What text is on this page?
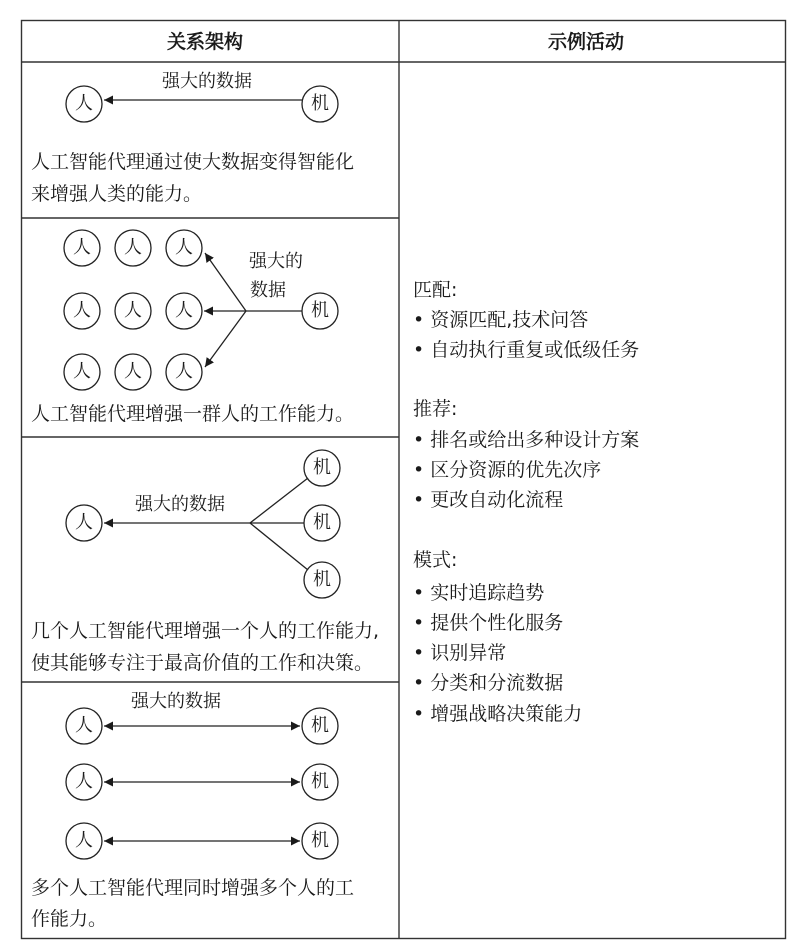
关系架构	示例活动
人	机
人 人 人
人 人 人
人 人 人
机
人
机
机
机
人
人
人
机
机
机
强大的数据
强大的
数据
强大的数据
强大的数据
人工智能代理通过使大数据变得智能化
来增强人类的能力。
人工智能代理增强一群人的工作能力。
几个人工智能代理增强一个人的工作能力,
使其能够专注于最高价值的工作和决策。
多个人工智能代理同时增强多个人的工
作能力。
匹配:
• 资源匹配,技术问答
• 自动执行重复或低级任务
推荐:
• 排名或给出多种设计方案
• 区分资源的优先次序
• 更改自动化流程
模式:
• 实时追踪趋势
• 提供个性化服务
• 识别异常
• 分类和分流数据
• 增强战略决策能力
